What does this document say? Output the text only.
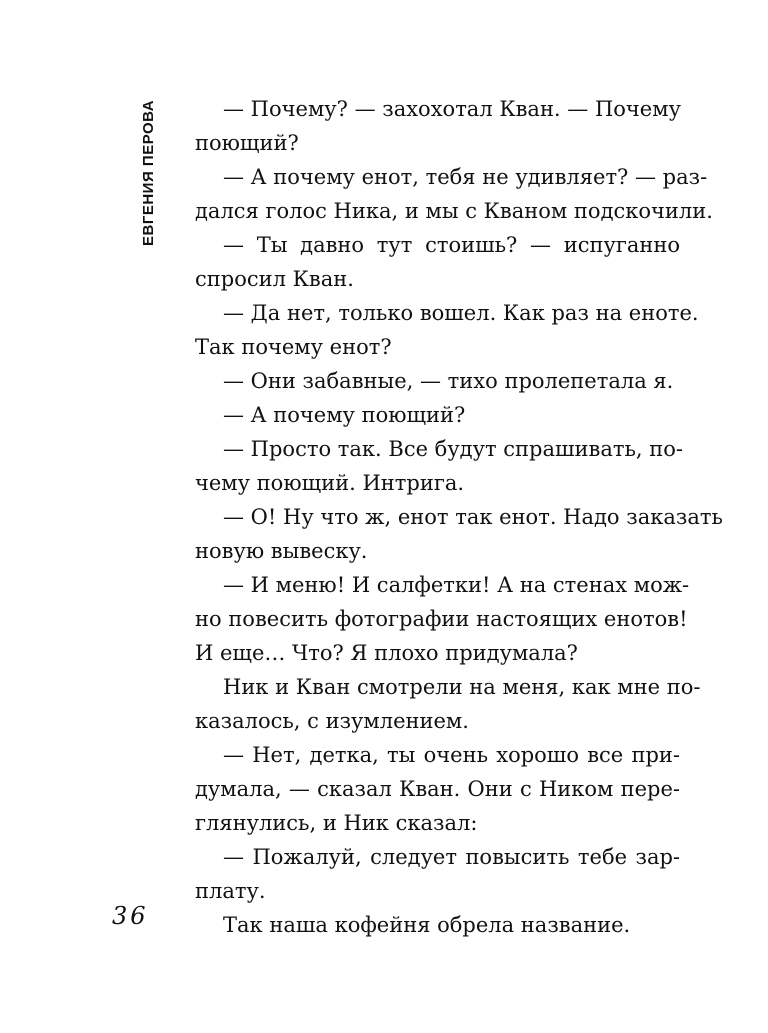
ЕВГЕНИЯ ПЕРОВА	— Почему? — захохотал Кван. — Почему
поющий?
— А почему енот, тебя не удивляет? — раз-
дался голос Ника, и мы с Кваном подскочили.
— Ты давно тут стоишь? — испуганно
спросил Кван.
— Да нет, только вошел. Как раз на еноте.
Так почему енот?
— Они забавные, — тихо пролепетала я.
— А почему поющий?
— Просто так. Все будут спрашивать, по-
чему поющий. Интрига.
— О! Ну что ж, енот так енот. Надо заказать
новую вывеску.
— И меню! И салфетки! А на стенах мож-
но повесить фотографии настоящих енотов!
И еще… Что? Я плохо придумала?
Ник и Кван смотрели на меня, как мне по-
казалось, с изумлением.
— Нет, детка, ты очень хорошо все при-
думала, — сказал Кван. Они с Ником пере-
глянулись, и Ник сказал:
— Пожалуй, следует повысить тебе зар-
плату.
Так наша кофейня обрела название.
36
